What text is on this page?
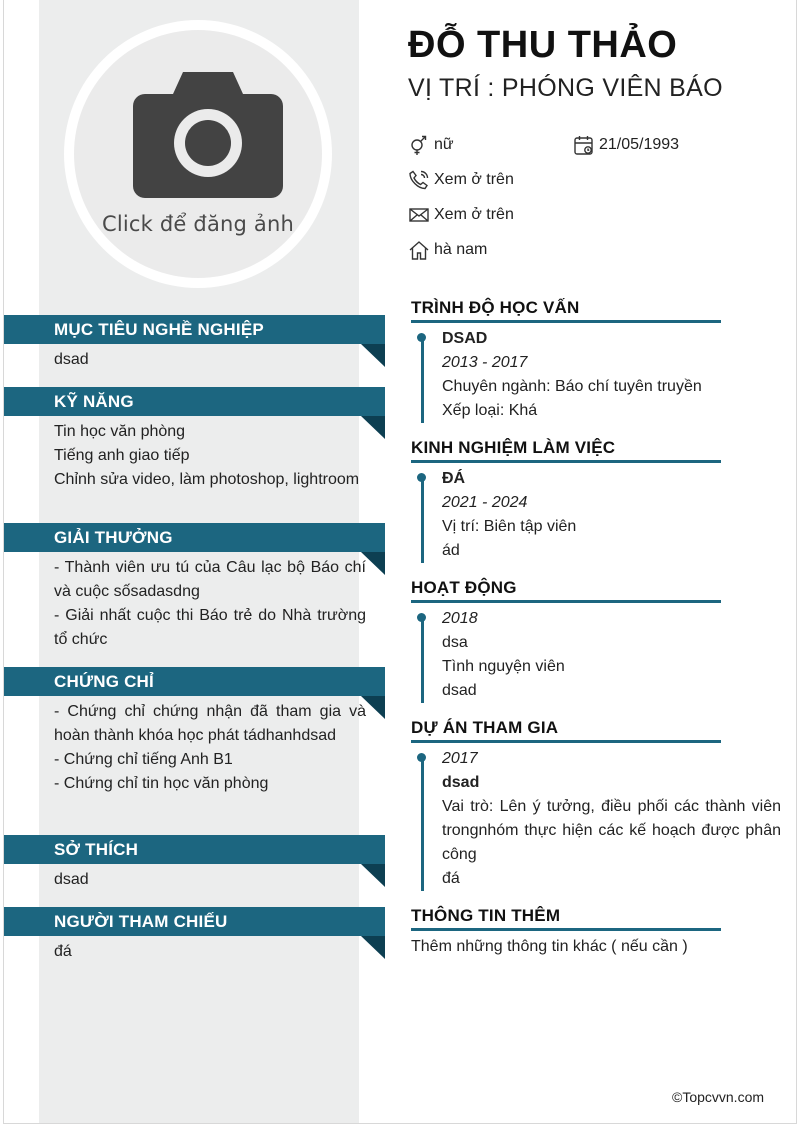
Click để đăng ảnh
MỤC TIÊU NGHỀ NGHIỆP

dsad

KỸ NĂNG

Tin học văn phòng

Tiếng anh giao tiếp

Chỉnh sửa video, làm photoshop, lightroom

GIẢI THƯỞNG

- Thành viên ưu tú của Câu lạc bộ Báo chí và cuộc sốsadasdng

- Giải nhất cuộc thi Báo trẻ do Nhà trường tổ chức

CHỨNG CHỈ

- Chứng chỉ chứng nhận đã tham gia và hoàn thành khóa học phát tádhanhdsad

- Chứng chỉ tiếng Anh B1

- Chứng chỉ tin học văn phòng

SỞ THÍCH

dsad

NGƯỜI THAM CHIẾU

đá

ĐỖ THU THẢO
VỊ TRÍ : PHÓNG VIÊN BÁO
nữ	21/05/1993
Xem ở trên
Xem ở trên
hà nam
TRÌNH ĐỘ HỌC VẤN

DSAD

2013 - 2017

Chuyên ngành: Báo chí tuyên truyền

Xếp loại: Khá

KINH NGHIỆM LÀM VIỆC

ĐÁ

2021 - 2024

Vị trí: Biên tập viên

ád

HOẠT ĐỘNG

2018

dsa

Tình nguyện viên

dsad

DỰ ÁN THAM GIA

2017

dsad

Vai trò: Lên ý tưởng, điều phối các thành viên trongnhóm thực hiện các kế hoạch được phân công

đá

THÔNG TIN THÊM
Thêm những thông tin khác ( nếu cần )
©Topcvvn.com
